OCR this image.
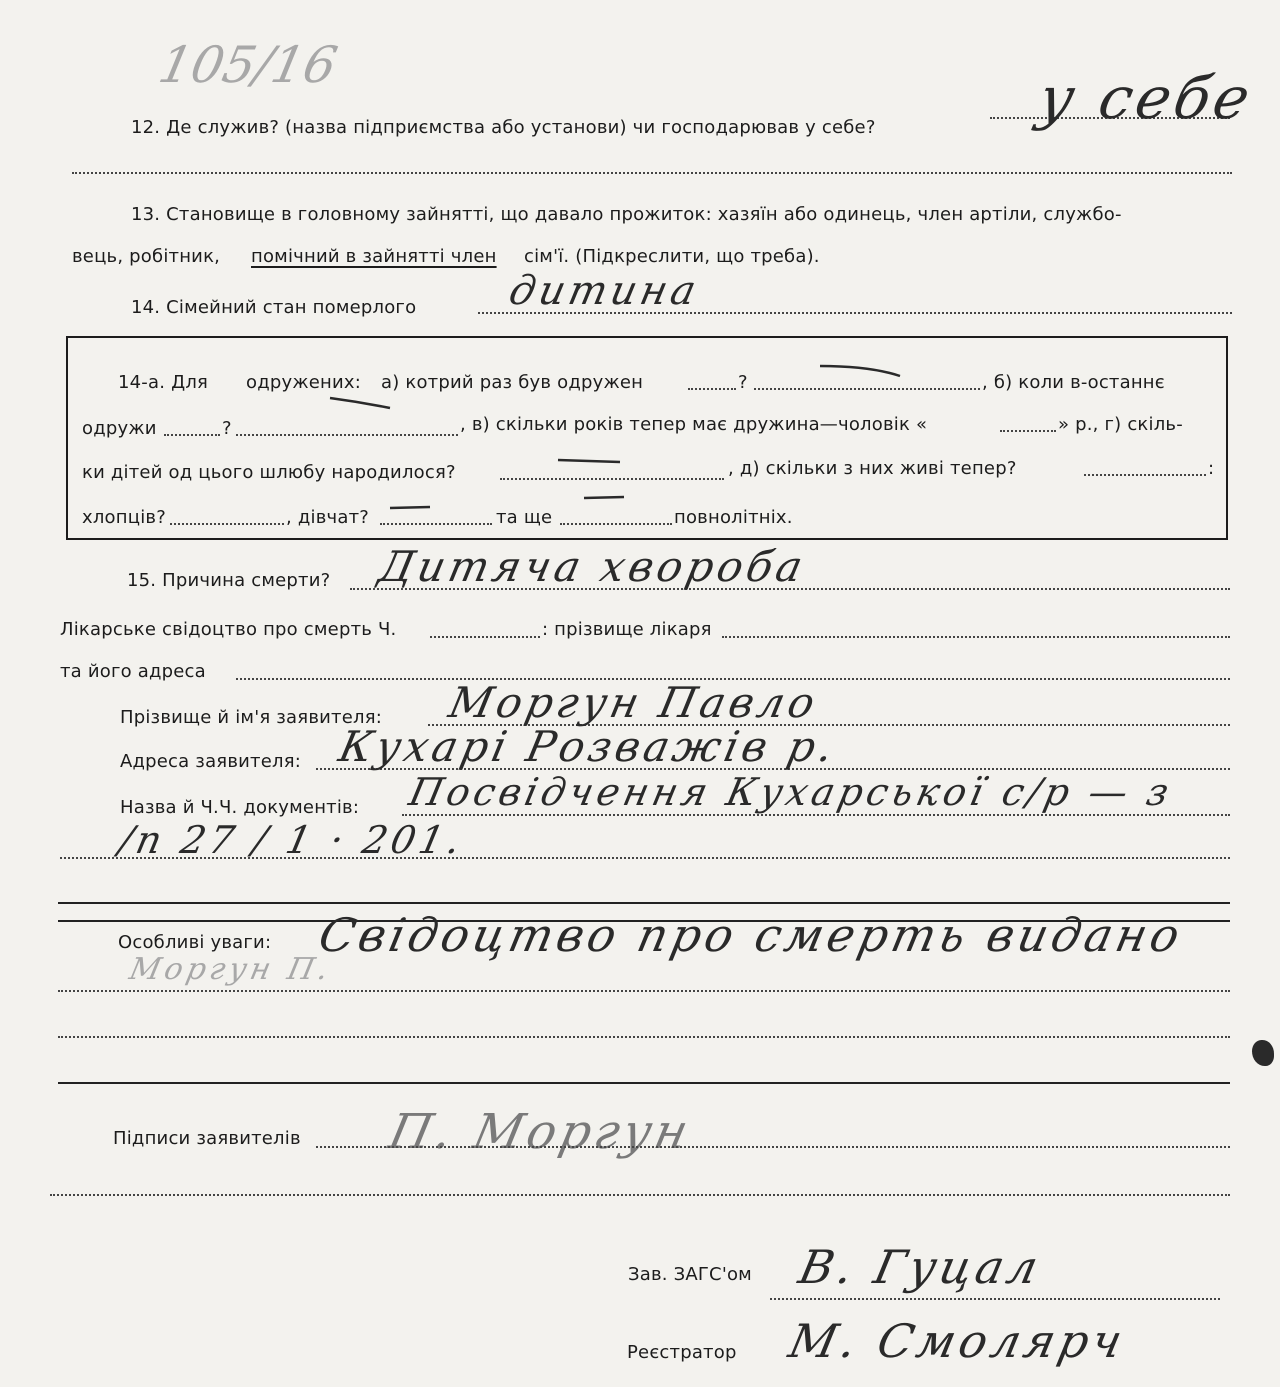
105/16
12. Де служив? (назва підприємства або установи) чи господарював у себе?	у себе
13. Становище в головному зайнятті, що давало прожиток: хазяїн або одинець, член артіли, службо-
вець, робітник, помічний в зайнятті член сім'ї. (Підкреслити, що треба).
14. Сімейний стан померлого дитина
14-а. Для одружених: а) котрий раз був одружен	?	, б) коли в-останнє
одружи	?	, в) скільки років тепер має дружина—чоловік «	» р., г) скіль-
ки дітей од цього шлюбу народилося?	, д) скільки з них живі тепер?	:
хлопців?	, дівчат?	та ще	повнолітніх.
15. Причина смерти? Дитяча хвороба
Лікарське свідоцтво про смерть Ч.	: прізвище лікаря
та його адреса
Прізвище й ім'я заявителя: Моргун Павло
Адреса заявителя: Кухарі Розважів р.
Назва й Ч.Ч. документів: Посвідчення Кухарської с/р — з
/п 27 / 1 · 201.
Особливі уваги: Свідоцтво про смерть видано
Моргун П.
Підписи заявителів П. Моргун
Зав. ЗАГС'ом В. Гуцал
Реєстратор М. Смолярч
